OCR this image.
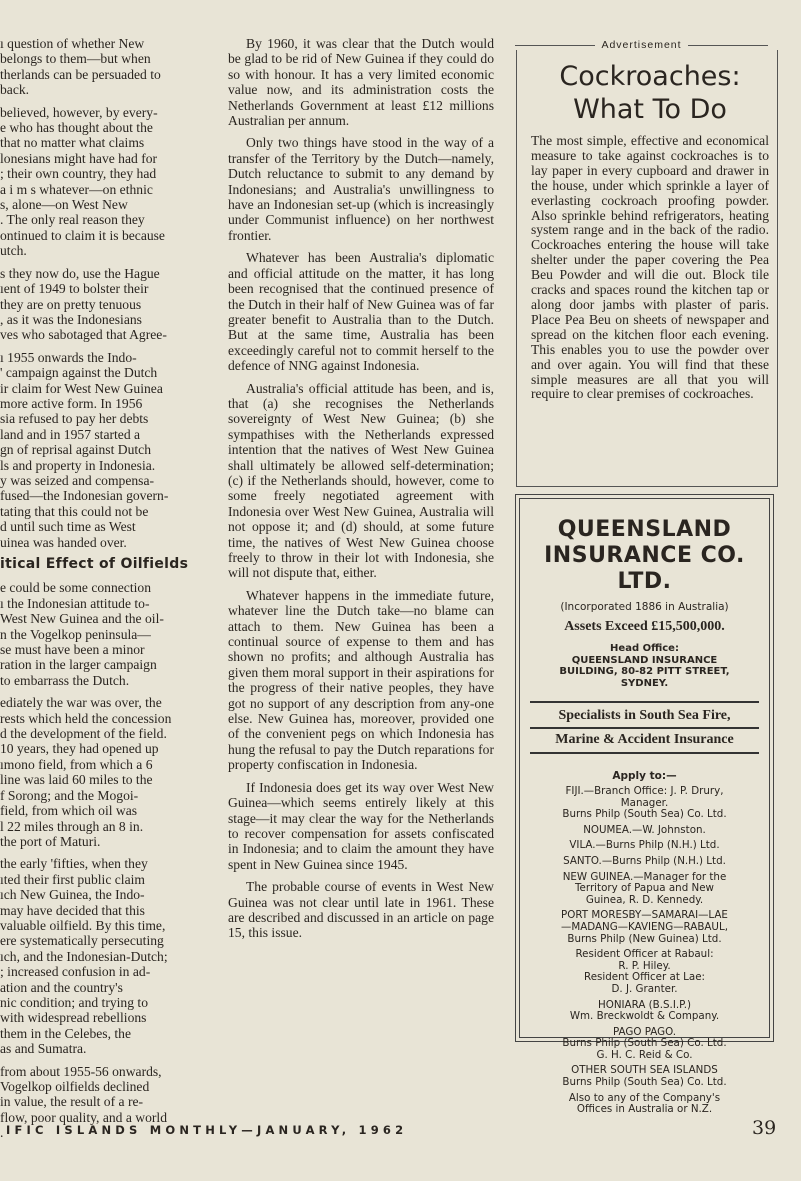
ı question of whether New
belongs to them—but when
therlands can be persuaded to
back.

believed, however, by every-
e who has thought about the
that no matter what claims
lonesians might have had for
; their own country, they had
a i m s whatever—on ethnic
s, alone—on West New
. The only real reason they
ontinued to claim it is because
utch.

s they now do, use the Hague
ıent of 1949 to bolster their
they are on pretty tenuous
, as it was the Indonesians
ves who sabotaged that Agree-

ı 1955 onwards the Indo-
' campaign against the Dutch
ir claim for West New Guinea
more active form. In 1956
sia refused to pay her debts
land and in 1957 started a
gn of reprisal against Dutch
ls and property in Indonesia.
y was seized and compensa-
fused—the Indonesian govern-
tating that this could not be
d until such time as West
uinea was handed over.

itical Effect of Oilfields

e could be some connection
ı the Indonesian attitude to-
West New Guinea and the oil-
n the Vogelkop peninsula—
se must have been a minor
ration in the larger campaign
to embarrass the Dutch.

ediately the war was over, the
rests which held the concession
d the development of the field.
10 years, they had opened up
ımono field, from which a 6
line was laid 60 miles to the
f Sorong; and the Mogoi-
field, from which oil was
l 22 miles through an 8 in.
the port of Maturi.

the early 'fifties, when they
ıted their first public claim
ıch New Guinea, the Indo-
may have decided that this
valuable oilfield. By this time,
ere systematically persecuting
ıch, and the Indonesian-Dutch;
; increased confusion in ad-
ation and the country's
nic condition; and trying to
with widespread rebellions
them in the Celebes, the
as and Sumatra.

from about 1955-56 onwards,
Vogelkop oilfields declined
in value, the result of a re-
flow, poor quality, and a world
.

By 1960, it was clear that the Dutch would be glad to be rid of New Guinea if they could do so with honour. It has a very limited economic value now, and its administration costs the Netherlands Government at least £12 millions Australian per annum.

Only two things have stood in the way of a transfer of the Territory by the Dutch—namely, Dutch reluctance to submit to any demand by Indonesians; and Australia's unwillingness to have an Indonesian set-up (which is increasingly under Communist influence) on her northwest frontier.

Whatever has been Australia's diplomatic and official attitude on the matter, it has long been recognised that the continued presence of the Dutch in their half of New Guinea was of far greater benefit to Australia than to the Dutch. But at the same time, Australia has been exceedingly careful not to commit herself to the defence of NNG against Indonesia.

Australia's official attitude has been, and is, that (a) she recognises the Netherlands sovereignty of West New Guinea; (b) she sympathises with the Netherlands expressed intention that the natives of West New Guinea shall ultimately be allowed self-determination; (c) if the Netherlands should, however, come to some freely negotiated agreement with Indonesia over West New Guinea, Australia will not oppose it; and (d) should, at some future time, the natives of West New Guinea choose freely to throw in their lot with Indonesia, she will not dispute that, either.

Whatever happens in the immediate future, whatever line the Dutch take—no blame can attach to them. New Guinea has been a continual source of expense to them and has shown no profits; and although Australia has given them moral support in their aspirations for the progress of their native peoples, they have got no support of any description from any-one else. New Guinea has, moreover, provided one of the convenient pegs on which Indonesia has hung the refusal to pay the Dutch reparations for property confiscation in Indonesia.

If Indonesia does get its way over West New Guinea—which seems entirely likely at this stage—it may clear the way for the Netherlands to recover compensation for assets confiscated in Indonesia; and to claim the amount they have spent in New Guinea since 1945.

The probable course of events in West New Guinea was not clear until late in 1961. These are described and discussed in an article on page 15, this issue.

Advertisement
Cockroaches: What To Do

The most simple, effective and economical measure to take against cockroaches is to lay paper in every cupboard and drawer in the house, under which sprinkle a layer of everlasting cockroach proofing powder. Also sprinkle behind refrigerators, heating system range and in the back of the radio. Cockroaches entering the house will take shelter under the paper covering the Pea Beu Powder and will die out. Block tile cracks and spaces round the kitchen tap or along door jambs with plaster of paris. Place Pea Beu on sheets of newspaper and spread on the kitchen floor each evening. This enables you to use the powder over and over again. You will find that these simple measures are all that you will require to clear premises of cockroaches.

QUEENSLAND INSURANCE CO. LTD.
(Incorporated 1886 in Australia)
Assets Exceed £15,500,000.
Head Office:
QUEENSLAND INSURANCE
BUILDING, 80-82 PITT STREET,
SYDNEY.
Specialists in South Sea Fire,
Marine & Accident Insurance
Apply to:—
FIJI.—Branch Office: J. P. Drury,
Manager.
Burns Philp (South Sea) Co. Ltd.
NOUMEA.—W. Johnston.
VILA.—Burns Philp (N.H.) Ltd.
SANTO.—Burns Philp (N.H.) Ltd.
NEW GUINEA.—Manager for the
Territory of Papua and New
Guinea, R. D. Kennedy.
PORT MORESBY—SAMARAI—LAE
—MADANG—KAVIENG—RABAUL,
Burns Philp (New Guinea) Ltd.
Resident Officer at Rabaul:
R. P. Hiley.
Resident Officer at Lae:
D. J. Granter.
HONIARA (B.S.I.P.)
Wm. Breckwoldt & Company.
PAGO PAGO.
Burns Philp (South Sea) Co. Ltd.
G. H. C. Reid & Co.
OTHER SOUTH SEA ISLANDS
Burns Philp (South Sea) Co. Ltd.
Also to any of the Company's
Offices in Australia or N.Z.
IFIC ISLANDS MONTHLY—JANUARY, 1962	39
